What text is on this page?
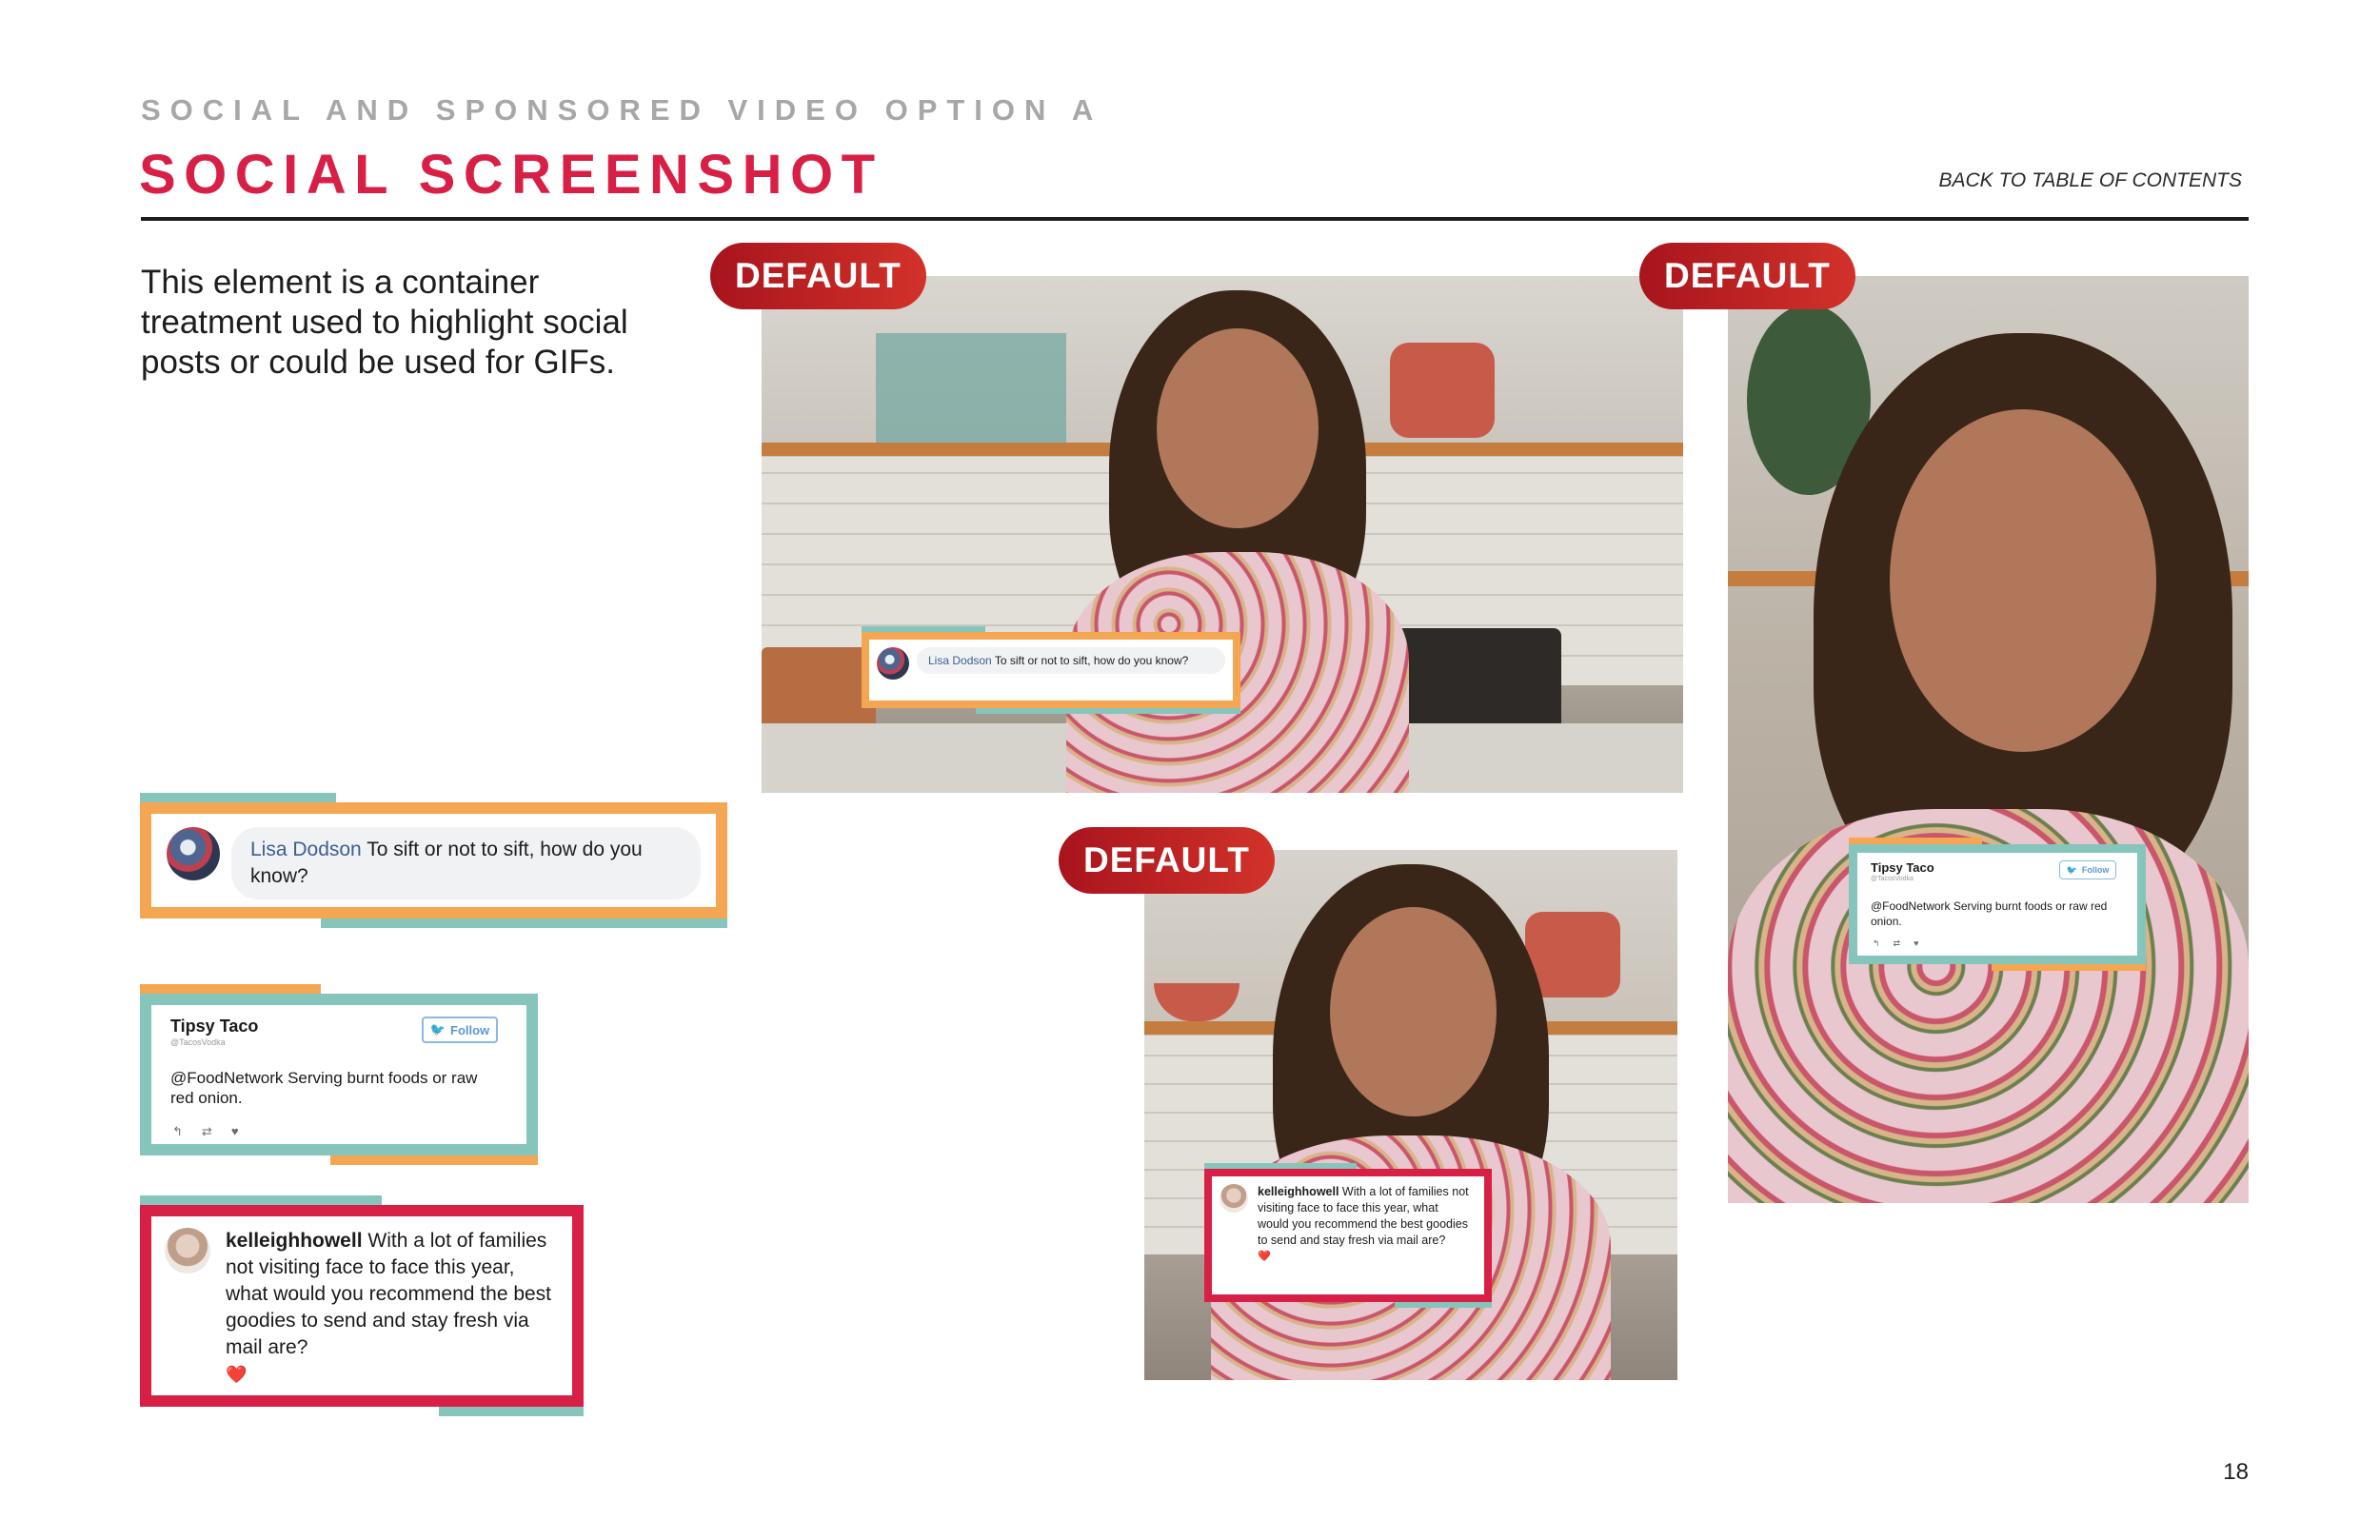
SOCIAL AND SPONSORED VIDEO OPTION A
SOCIAL SCREENSHOT	BACK TO TABLE OF CONTENTS
This element is a container treatment used to highlight social posts or could be used for GIFs.
Lisa Dodson To sift or not to sift, how do you know?
Tipsy Taco
@TacosVodka
🐦 Follow
@FoodNetwork Serving burnt foods or raw red onion.
↰ ⇄ ♥
kelleighhowell With a lot of families not visiting face to face this year, what would you recommend the best goodies to send and stay fresh via mail are?
❤️
DEFAULT
Lisa Dodson To sift or not to sift, how do you know?
DEFAULT
Tipsy Taco
@TacosVodka
🐦 Follow
@FoodNetwork Serving burnt foods or raw red onion.
↰ ⇄ ♥
DEFAULT
kelleighhowell With a lot of families not visiting face to face this year, what would you recommend the best goodies to send and stay fresh via mail are?
❤️
18
